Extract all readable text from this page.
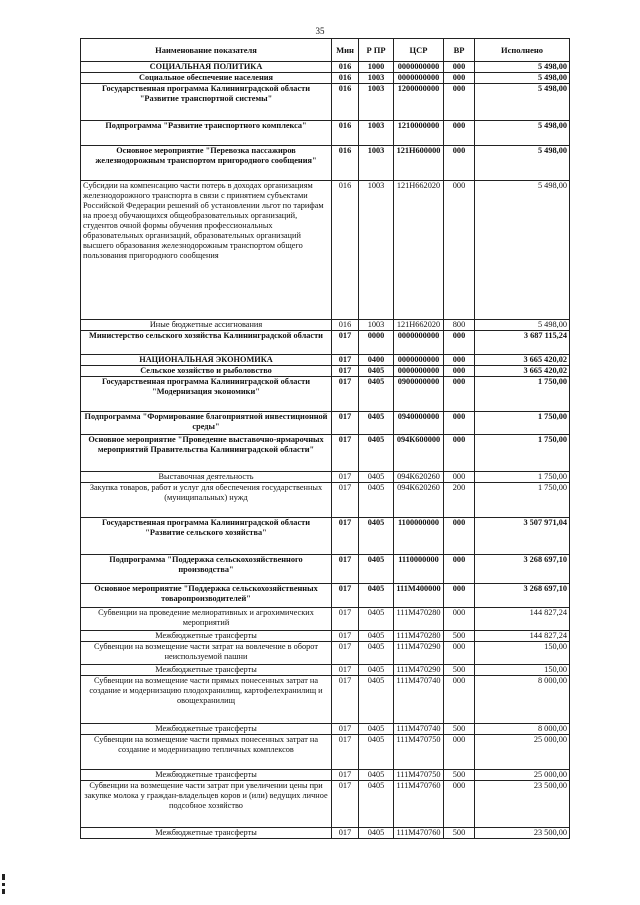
35
Наименование показателя	Мин	Р ПР	ЦСР	ВР	Исполнено
СОЦИАЛЬНАЯ ПОЛИТИКА	016	1000	0000000000	000	5 498,00
Социальное обеспечение населения	016	1003	0000000000	000	5 498,00
Государственная программа Калининградской области "Развитие транспортной системы"	016	1003	1200000000	000	5 498,00
Подпрограмма "Развитие транспортного комплекса"	016	1003	1210000000	000	5 498,00
Основное мероприятие "Перевозка пассажиров железнодорожным транспортом пригородного сообщения"	016	1003	121Н600000	000	5 498,00
Субсидии на компенсацию части потерь в доходах организациям железнодорожного транспорта в связи с принятием субъектами Российской Федерации решений об установлении льгот по тарифам на проезд обучающихся общеобразовательных организаций, студентов очной формы обучения профессиональных образовательных организаций, образовательных организаций высшего образования железнодорожным транспортом общего пользования пригородного сообщения	016	1003	121Н662020	000	5 498,00
Иные бюджетные ассигнования	016	1003	121Н662020	800	5 498,00
Министерство сельского хозяйства Калининградской области	017	0000	0000000000	000	3 687 115,24
НАЦИОНАЛЬНАЯ ЭКОНОМИКА	017	0400	0000000000	000	3 665 420,02
Сельское хозяйство и рыболовство	017	0405	0000000000	000	3 665 420,02
Государственная программа Калининградской области "Модернизация экономики"	017	0405	0900000000	000	1 750,00
Подпрограмма "Формирование благоприятной инвестиционной среды"	017	0405	0940000000	000	1 750,00
Основное мероприятие "Проведение выставочно-ярмарочных мероприятий Правительства Калининградской области"	017	0405	094К600000	000	1 750,00
Выставочная деятельность	017	0405	094К620260	000	1 750,00
Закупка товаров, работ и услуг для обеспечения государственных (муниципальных) нужд	017	0405	094К620260	200	1 750,00
Государственная программа Калининградской области "Развитие сельского хозяйства"	017	0405	1100000000	000	3 507 971,04
Подпрограмма "Поддержка сельскохозяйственного производства"	017	0405	1110000000	000	3 268 697,10
Основное мероприятие "Поддержка сельскохозяйственных товаропроизводителей"	017	0405	111М400000	000	3 268 697,10
Субвенции на проведение мелиоративных и агрохимических мероприятий	017	0405	111М470280	000	144 827,24
Межбюджетные трансферты	017	0405	111М470280	500	144 827,24
Субвенции на возмещение части затрат на вовлечение в оборот неиспользуемой пашни	017	0405	111М470290	000	150,00
Межбюджетные трансферты	017	0405	111М470290	500	150,00
Субвенции на возмещение части прямых понесенных затрат на создание и модернизацию плодохранилищ, картофелехранилищ и овощехранилищ	017	0405	111М470740	000	8 000,00
Межбюджетные трансферты	017	0405	111М470740	500	8 000,00
Субвенции на возмещение части прямых понесенных затрат на создание и модернизацию тепличных комплексов	017	0405	111М470750	000	25 000,00
Межбюджетные трансферты	017	0405	111М470750	500	25 000,00
Субвенции на возмещение части затрат при увеличении цены при закупке молока у граждан-владельцев коров и (или) ведущих личное подсобное хозяйство	017	0405	111М470760	000	23 500,00
Межбюджетные трансферты	017	0405	111М470760	500	23 500,00
